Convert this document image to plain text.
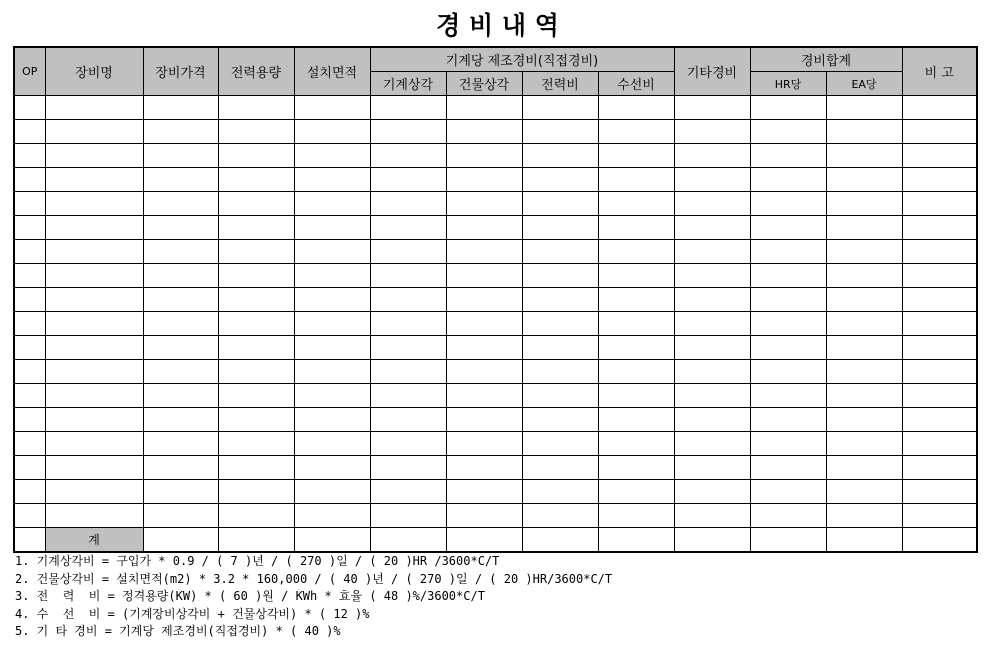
경 비 내 역
OP	장비명	장비가격	전력용량	설치면적	기계당 제조경비(직접경비)				기타경비	경비합계		비 고
					기계상각	건물상각	전력비	수선비		HR당	EA당	

	계											
1. 기계상각비 = 구입가 * 0.9 / ( 7 )년 / ( 270 )일 / ( 20 )HR /3600*C/T
2. 건물상각비 = 설치면적(m2) * 3.2 * 160,000 / ( 40 )년 / ( 270 )일 / ( 20 )HR/3600*C/T
3. 전  력  비 = 정격용량(KW) * ( 60 )원 / KWh * 효율 ( 48 )%/3600*C/T
4. 수  선  비 = (기계장비상각비 + 건물상각비) * ( 12 )%
5. 기 타 경비 = 기계당 제조경비(직접경비) * ( 40 )%
